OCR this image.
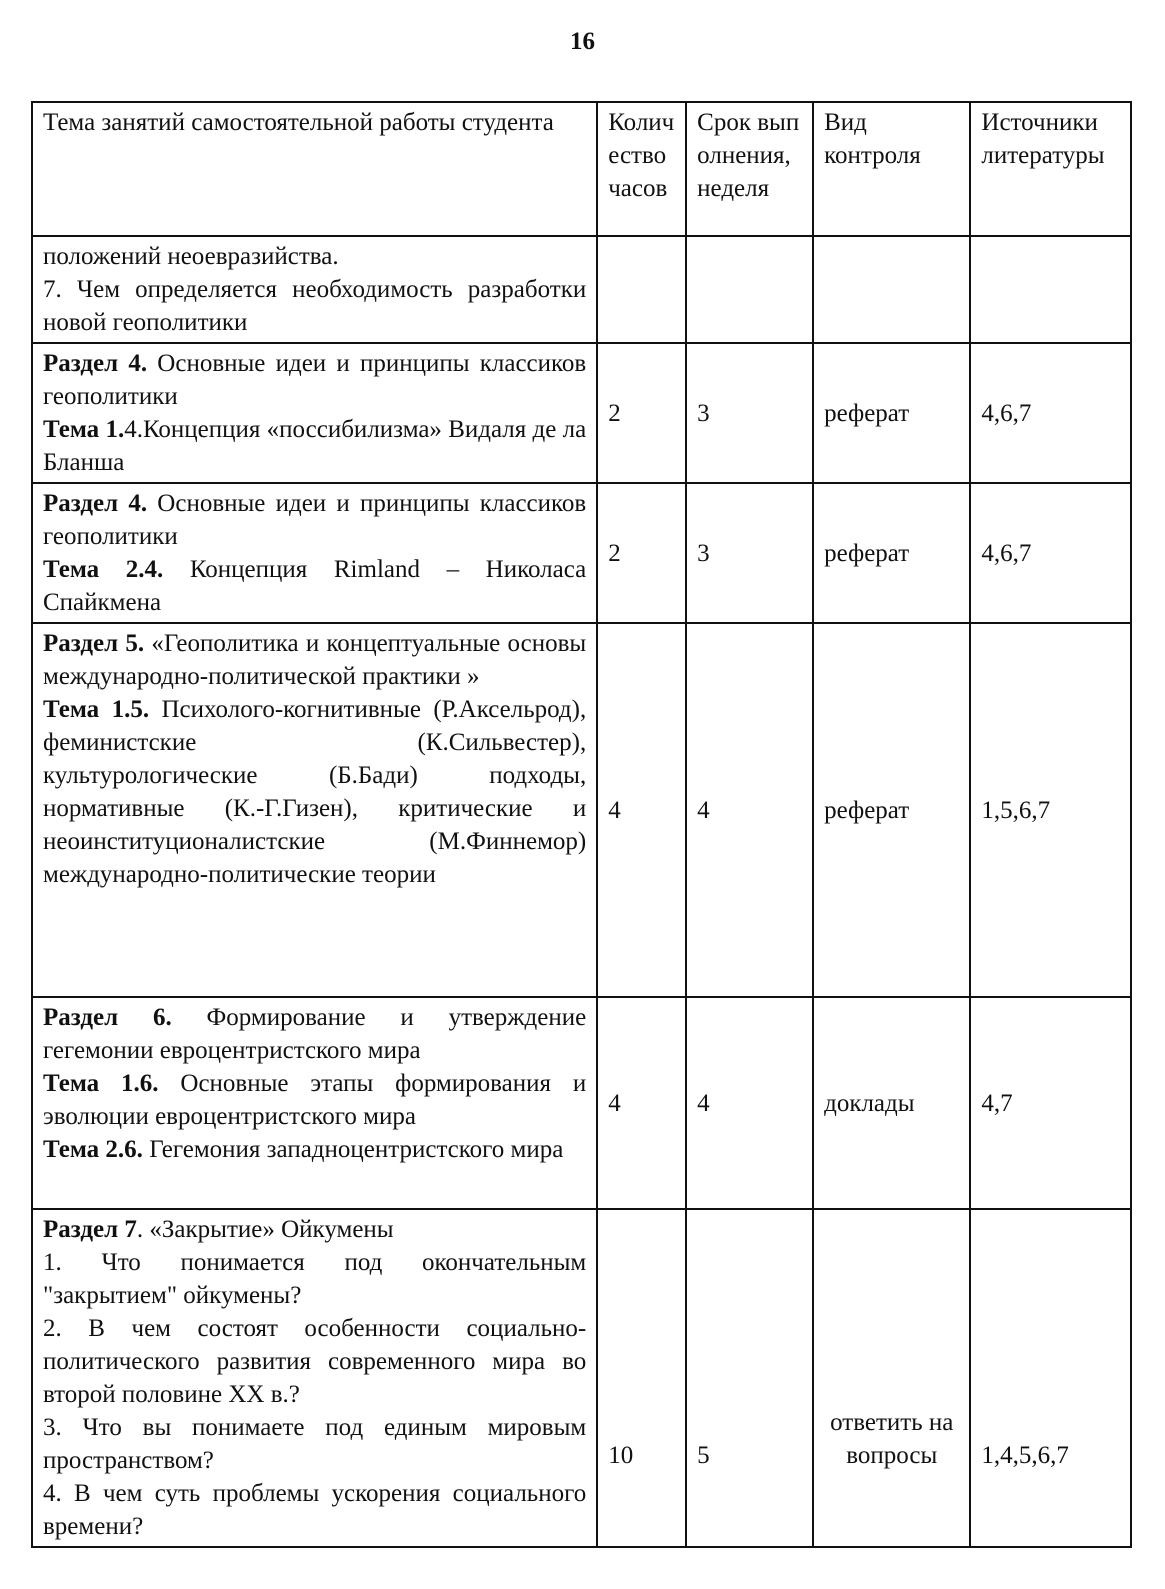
16
Тема занятий самостоятельной работы студента	Количество часов	Срок выполнения, неделя	Вид контроля	Источники литературы

положений неоевразийства.

7. Чем определяется необходимость разработки новой геополитики				

Раздел 4. Основные идеи и принципы классиков геополитики

Тема 1.4.Концепция «поссибилизма» Видаля де ла Бланша	2	3	реферат	4,6,7

Раздел 4. Основные идеи и принципы классиков геополитики

Тема 2.4. Концепция Rimland – Николаса Спайкмена	2	3	реферат	4,6,7

Раздел 5. «Геополитика и концептуальные основы международно-политической практики »

Тема 1.5. Психолого-когнитивные (Р.Аксельрод), феминистские (К.Сильвестер), культурологические (Б.Бади) подходы, нормативные (К.-Г.Гизен), критические и неоинституционалистские (М.Финнемор) международно-политические теории	4	4	реферат	1,5,6,7

Раздел 6. Формирование и утверждение гегемонии евроцентристского мира

Тема 1.6. Основные этапы формирования и эволюции евроцентристского мира

Тема 2.6. Гегемония западноцентристского мира	4	4	доклады	4,7

Раздел 7. «Закрытие» Ойкумены

1. Что понимается под окончательным "закрытием" ойкумены?

2. В чем состоят особенности социально-политического развития современного мира во второй половине XX в.?

3. Что вы понимаете под единым мировым пространством?

4. В чем суть проблемы ускорения социального времени?	10	5	ответить на вопросы	1,4,5,6,7
